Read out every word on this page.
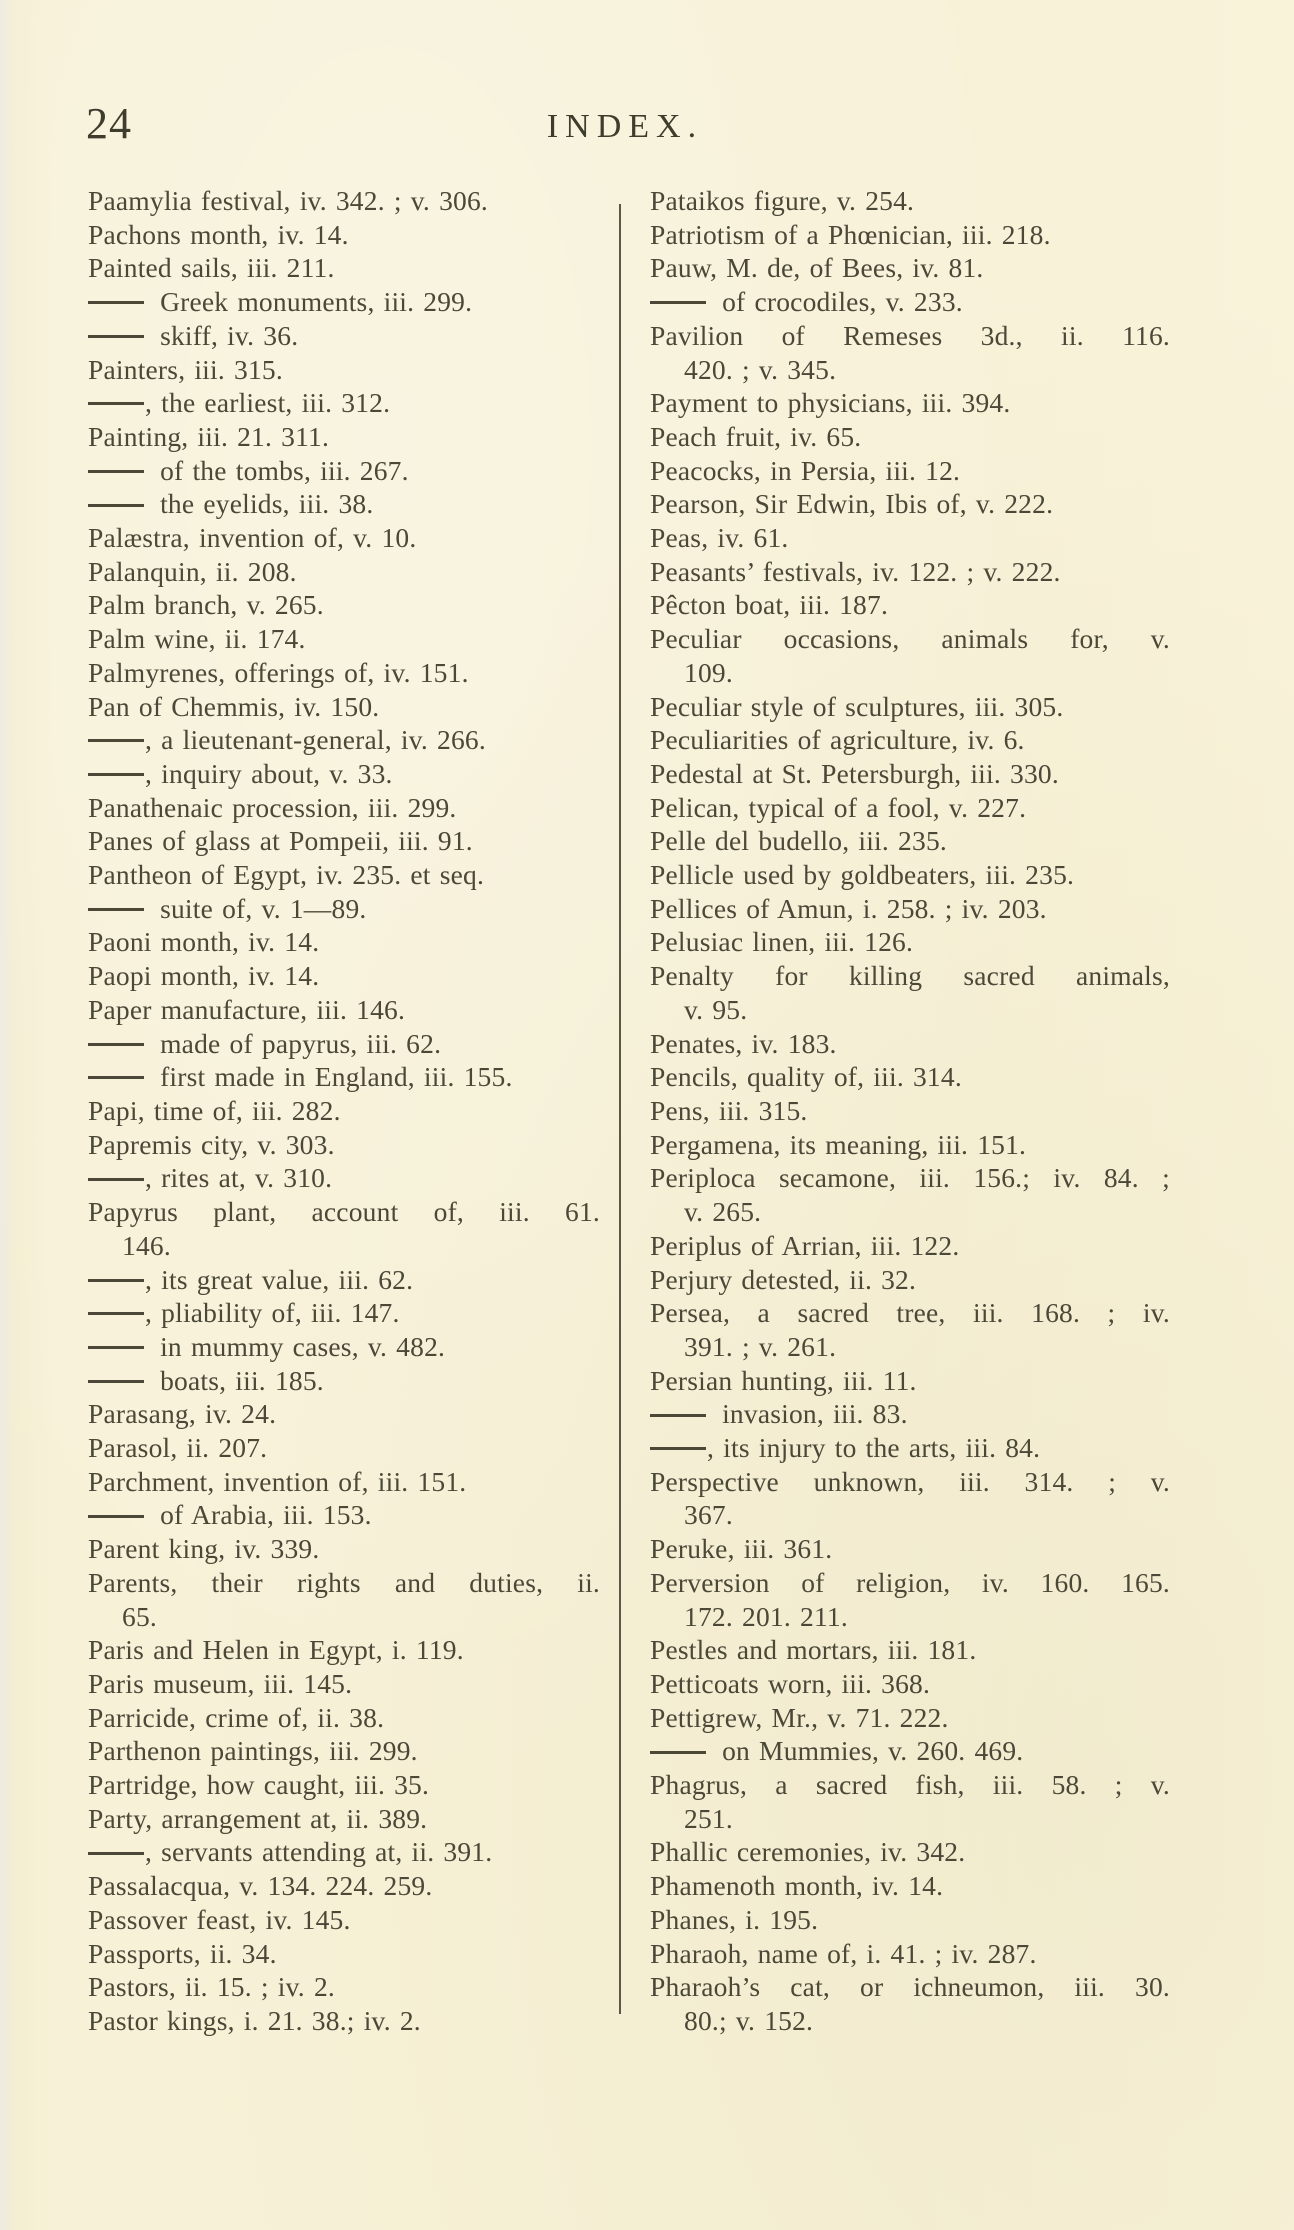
24	INDEX.
Paamylia festival, iv. 342. ; v. 306.
Pachons month, iv. 14.
Painted sails, iii. 211.
Greek monuments, iii. 299.
skiff, iv. 36.
Painters, iii. 315.
, the earliest, iii. 312.
Painting, iii. 21. 311.
of the tombs, iii. 267.
the eyelids, iii. 38.
Palæstra, invention of, v. 10.
Palanquin, ii. 208.
Palm branch, v. 265.
Palm wine, ii. 174.
Palmyrenes, offerings of, iv. 151.
Pan of Chemmis, iv. 150.
, a lieutenant-general, iv. 266.
, inquiry about, v. 33.
Panathenaic procession, iii. 299.
Panes of glass at Pompeii, iii. 91.
Pantheon of Egypt, iv. 235. et seq.
suite of, v. 1—89.
Paoni month, iv. 14.
Paopi month, iv. 14.
Paper manufacture, iii. 146.
made of papyrus, iii. 62.
first made in England, iii. 155.
Papi, time of, iii. 282.
Papremis city, v. 303.
, rites at, v. 310.
Papyrus plant, account of, iii. 61.
146.
, its great value, iii. 62.
, pliability of, iii. 147.
in mummy cases, v. 482.
boats, iii. 185.
Parasang, iv. 24.
Parasol, ii. 207.
Parchment, invention of, iii. 151.
of Arabia, iii. 153.
Parent king, iv. 339.
Parents, their rights and duties, ii.
65.
Paris and Helen in Egypt, i. 119.
Paris museum, iii. 145.
Parricide, crime of, ii. 38.
Parthenon paintings, iii. 299.
Partridge, how caught, iii. 35.
Party, arrangement at, ii. 389.
, servants attending at, ii. 391.
Passalacqua, v. 134. 224. 259.
Passover feast, iv. 145.
Passports, ii. 34.
Pastors, ii. 15. ; iv. 2.
Pastor kings, i. 21. 38.; iv. 2.
Pataikos figure, v. 254.
Patriotism of a Phœnician, iii. 218.
Pauw, M. de, of Bees, iv. 81.
of crocodiles, v. 233.
Pavilion of Remeses 3d., ii. 116.
420. ; v. 345.
Payment to physicians, iii. 394.
Peach fruit, iv. 65.
Peacocks, in Persia, iii. 12.
Pearson, Sir Edwin, Ibis of, v. 222.
Peas, iv. 61.
Peasants’ festivals, iv. 122. ; v. 222.
Pêcton boat, iii. 187.
Peculiar occasions, animals for, v.
109.
Peculiar style of sculptures, iii. 305.
Peculiarities of agriculture, iv. 6.
Pedestal at St. Petersburgh, iii. 330.
Pelican, typical of a fool, v. 227.
Pelle del budello, iii. 235.
Pellicle used by goldbeaters, iii. 235.
Pellices of Amun, i. 258. ; iv. 203.
Pelusiac linen, iii. 126.
Penalty for killing sacred animals,
v. 95.
Penates, iv. 183.
Pencils, quality of, iii. 314.
Pens, iii. 315.
Pergamena, its meaning, iii. 151.
Periploca secamone, iii. 156.; iv. 84. ;
v. 265.
Periplus of Arrian, iii. 122.
Perjury detested, ii. 32.
Persea, a sacred tree, iii. 168. ; iv.
391. ; v. 261.
Persian hunting, iii. 11.
invasion, iii. 83.
, its injury to the arts, iii. 84.
Perspective unknown, iii. 314. ; v.
367.
Peruke, iii. 361.
Perversion of religion, iv. 160. 165.
172. 201. 211.
Pestles and mortars, iii. 181.
Petticoats worn, iii. 368.
Pettigrew, Mr., v. 71. 222.
on Mummies, v. 260. 469.
Phagrus, a sacred fish, iii. 58. ; v.
251.
Phallic ceremonies, iv. 342.
Phamenoth month, iv. 14.
Phanes, i. 195.
Pharaoh, name of, i. 41. ; iv. 287.
Pharaoh’s cat, or ichneumon, iii. 30.
80.; v. 152.
